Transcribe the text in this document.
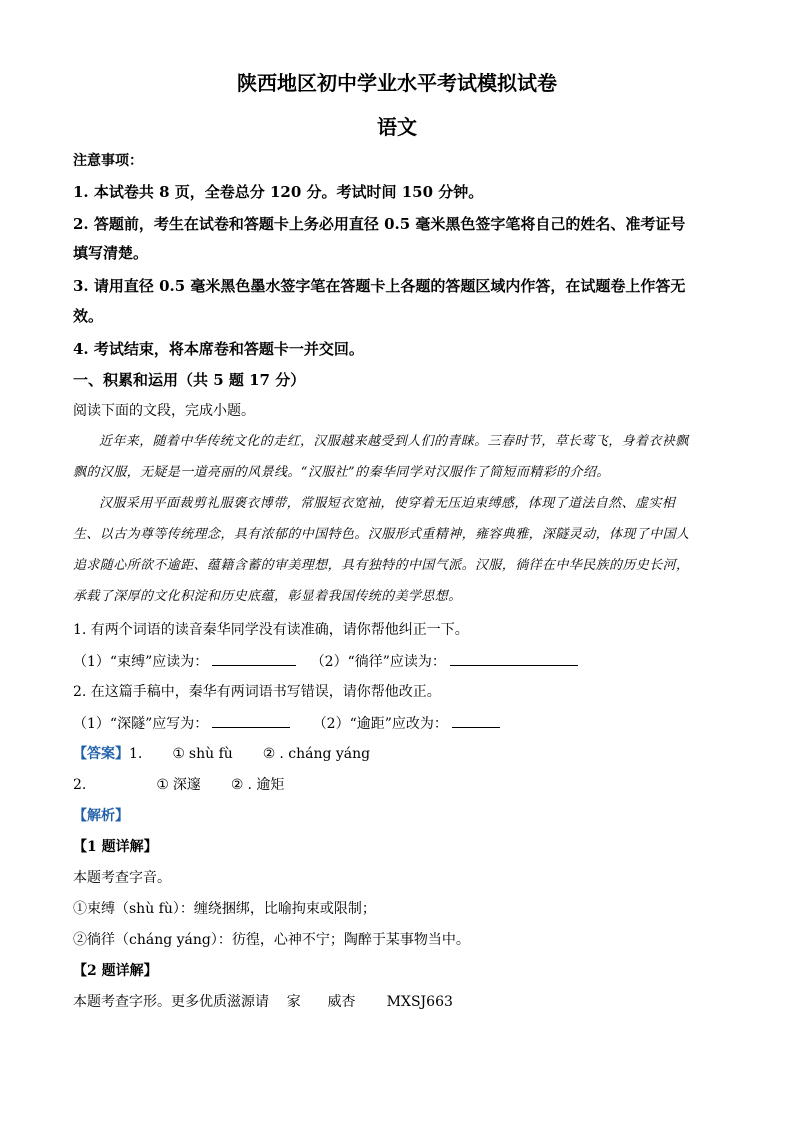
陕西地区初中学业水平考试模拟试卷
语文
注意事项：
1. 本试卷共 8 页，全卷总分 120 分。考试时间 150 分钟。
2. 答题前，考生在试卷和答题卡上务必用直径 0.5 毫米黑色签字笔将自己的姓名、准考证号
填写清楚。
3. 请用直径 0.5 毫米黑色墨水签字笔在答题卡上各题的答题区域内作答，在试题卷上作答无
效。
4. 考试结束，将本席卷和答题卡一并交回。
一、积累和运用（共 5 题 17 分）
阅读下面的文段，完成小题。
近年来，随着中华传统文化的走红，汉服越来越受到人们的青睐。三春时节，草长莺飞，身着衣袂飘
飘的汉服，无疑是一道亮丽的风景线。“汉服社”的秦华同学对汉服作了简短而精彩的介绍。
汉服采用平面裁剪礼服褒衣博带，常服短衣宽袖，使穿着无压迫束缚感，体现了道法自然、虚实相
生、以古为尊等传统理念，具有浓郁的中国特色。汉服形式重精神，雍容典雅，深隧灵动，体现了中国人
追求随心所欲不逾距、蕴籍含蓄的审美理想，具有独特的中国气派。汉服，徜徉在中华民族的历史长河，
承载了深厚的文化积淀和历史底蕴，彰显着我国传统的美学思想。
1. 有两个词语的读音秦华同学没有读准确，请你帮他纠正一下。
（1）“束缚”应读为：	（2）“徜徉”应读为：
2. 在这篇手稿中，秦华有两词语书写错误，请你帮他改正。
（1）“深隧”应写为：	（2）“逾距”应改为：
【答案】1. ① shù fù ② . cháng yáng
2.	① 深邃 ② . 逾矩
【解析】
【1 题详解】
本题考查字音。
①束缚（shù fù）：缠绕捆绑，比喻拘束或限制；
②徜徉（cháng yáng）：彷徨，心神不宁；陶醉于某事物当中。
【2 题详解】
本题考查字形。更多优质滋源请    家      威杏       MXSJ663
